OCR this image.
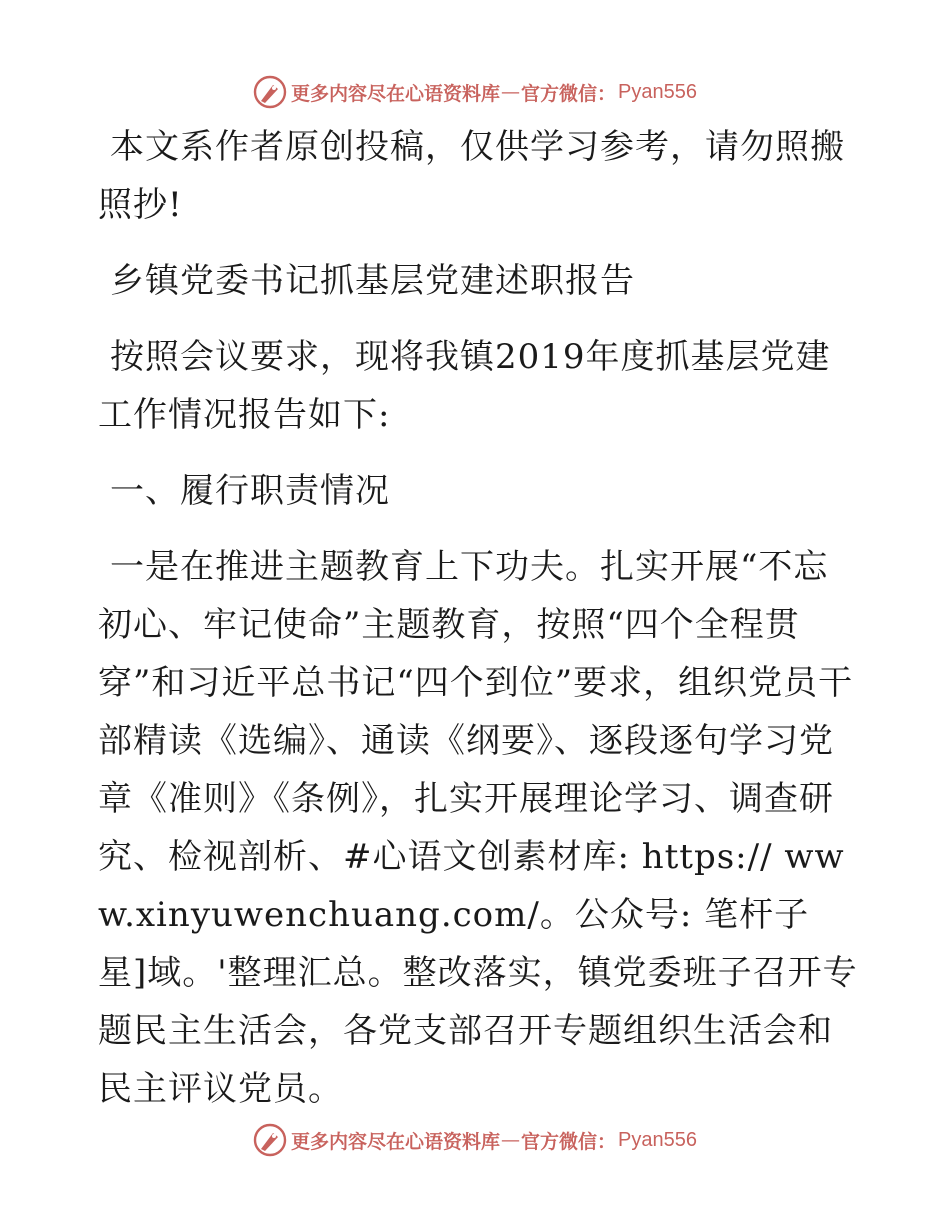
更多内容尽在心语资料库 — 官方微信： Pyan556

本文系作者原创投稿，仅供学习参考，请勿照搬照抄!

乡镇党委书记抓基层党建述职报告

按照会议要求，现将我镇2019年度抓基层党建工作情况报告如下:

一、履行职责情况

一是在推进主题教育上下功夫。扎实开展“不忘初心、牢记使命”主题教育，按照“四个全程贯穿”和习近平总书记“四个到位”要求，组织党员干部精读《选编》、通读《纲要》、逐段逐句学习党章《准则》《条例》，扎实开展理论学习、调查研究、检视剖析、#心语文创素材库: https:// www.xinyuwenchuang.com/。公众号: 笔杆子星]域。'整理汇总。整改落实，镇党委班子召开专题民主生活会，各党支部召开专题组织生活会和民主评议党员。

更多内容尽在心语资料库 — 官方微信： Pyan556
